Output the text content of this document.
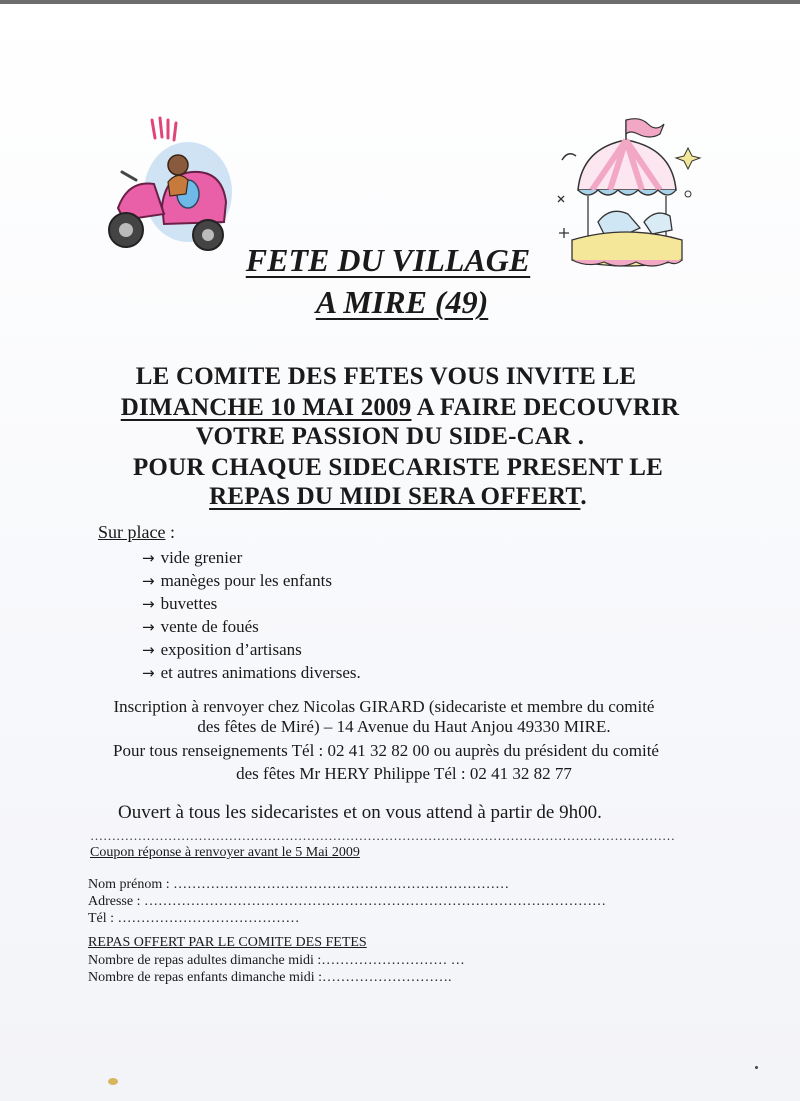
FETE DU VILLAGE
A MIRE (49)
LE COMITE DES FETES VOUS INVITE LE
DIMANCHE 10 MAI 2009 A FAIRE DECOUVRIR
VOTRE PASSION DU SIDE-CAR .
POUR CHAQUE SIDECARISTE PRESENT LE
REPAS DU MIDI SERA OFFERT.
Sur place :
→ vide grenier
→ manèges pour les enfants
→ buvettes
→ vente de foués
→ exposition d’artisans
→ et autres animations diverses.
Inscription à renvoyer chez Nicolas GIRARD (sidecariste et membre du comité
des fêtes de Miré) – 14 Avenue du Haut Anjou 49330 MIRE.
Pour tous renseignements Tél : 02 41 32 82 00 ou auprès du président du comité
des fêtes Mr HERY Philippe Tél : 02 41 32 82 77
Ouvert à tous les sidecaristes et on vous attend à partir de 9h00.
………………………………………………………………………………………………………………………
Coupon réponse à renvoyer avant le 5 Mai 2009
Nom prénom : ………………………………………………………………
Adresse : ………………………………………………………………………………………
Tél : …………………………………
REPAS OFFERT PAR LE COMITE DES FETES
Nombre de repas adultes dimanche midi :……………………… …
Nombre de repas enfants dimanche midi :……………………….
